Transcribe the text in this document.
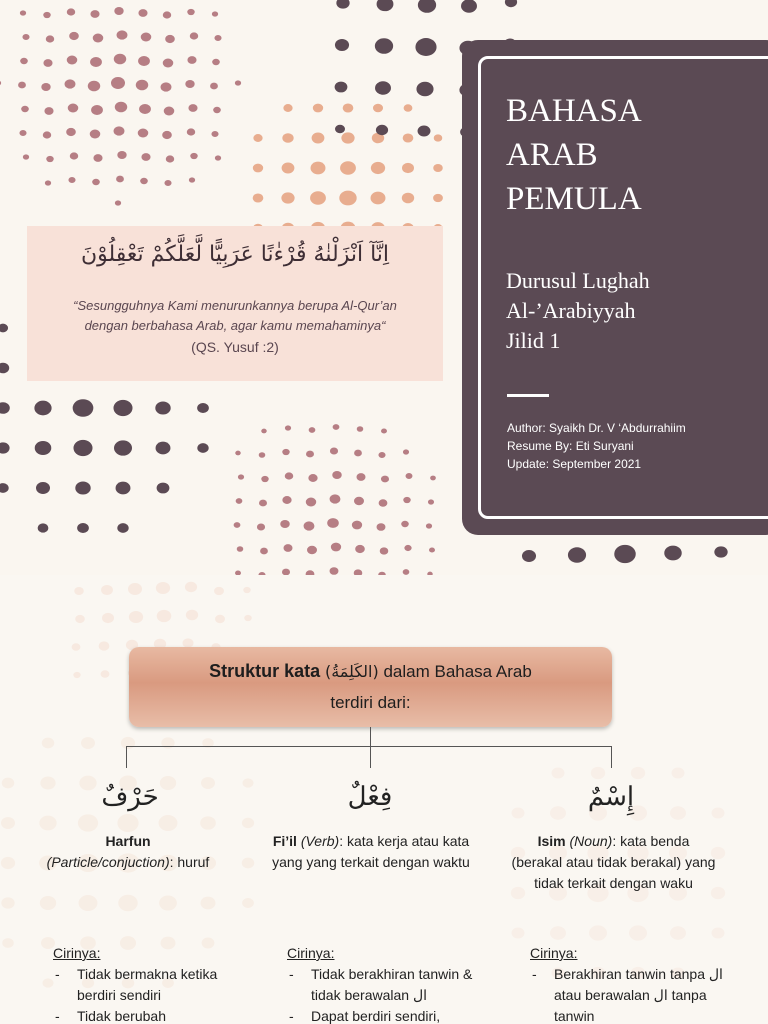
BAHASA
ARAB
PEMULA
Durusul Lughah
Al-’Arabiyyah
Jilid 1
Author: Syaikh Dr. V ‘Abdurrahiim
Resume By: Eti Suryani
Update: September 2021
اِنَّآ اَنْزَلْنٰهُ قُرْءٰنًا عَرَبِيًّا لَّعَلَّكُمْ تَعْقِلُوْنَ
“Sesungguhnya Kami menurunkannya berupa Al-Qur’an
dengan berbahasa Arab, agar kamu memahaminya“
(QS. Yusuf :2)
Struktur kata (الكَلِمَةُ) dalam Bahasa Arab
terdiri dari:
حَرْفٌ
Harfun
(Particle/conjuction): huruf
Cirinya:
- Tidak bermakna ketika berdiri sendiri
- Tidak berubah
فِعْلٌ
Fi’il (Verb): kata kerja atau kata yang yang terkait dengan waktu
Cirinya:
- Tidak berakhiran tanwin & tidak berawalan ال
- Dapat berdiri sendiri,
إِسْمٌ
Isim (Noun): kata benda (berakal atau tidak berakal) yang tidak terkait dengan waku
Cirinya:
- Berakhiran tanwin tanpa ال atau berawalan ال tanpa tanwin
